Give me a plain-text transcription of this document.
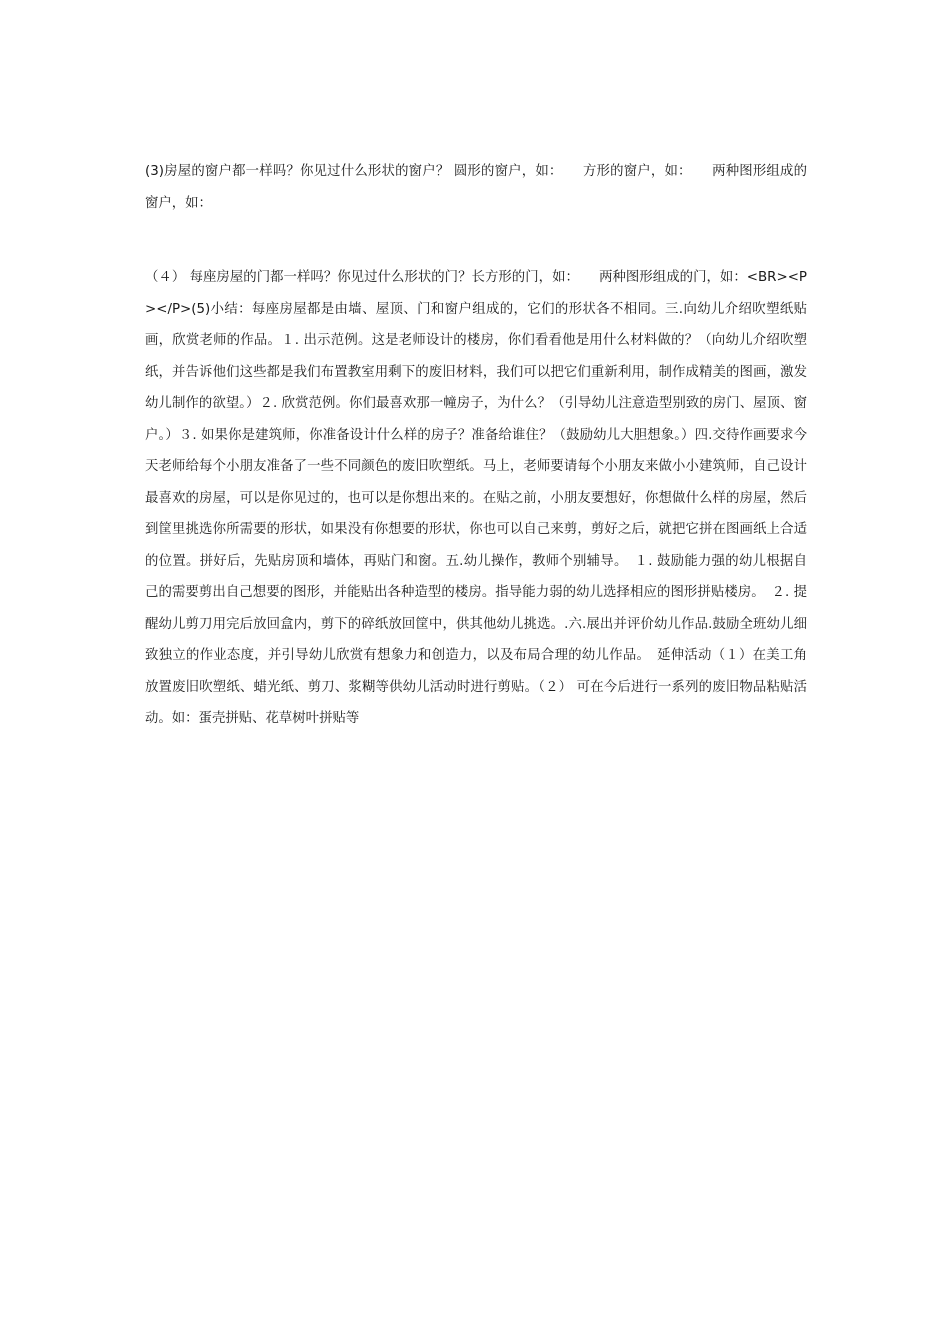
(3)房屋的窗户都一样吗？你见过什么形状的窗户？ 圆形的窗户，如：　　方形的窗户，如：　　两种图形组成的窗户，如：

（４） 每座房屋的门都一样吗？你见过什么形状的门？长方形的门，如：　　两种图形组成的门，如：<BR><P></P>(5)小结：每座房屋都是由墙、屋顶、门和窗户组成的，它们的形状各不相同。三.向幼儿介绍吹塑纸贴画，欣赏老师的作品。１. 出示范例。这是老师设计的楼房，你们看看他是用什么材料做的？（向幼儿介绍吹塑纸，并告诉他们这些都是我们布置教室用剩下的废旧材料，我们可以把它们重新利用，制作成精美的图画，激发幼儿制作的欲望。）２. 欣赏范例。你们最喜欢那一幢房子，为什么？（引导幼儿注意造型别致的房门、屋顶、窗户。）３. 如果你是建筑师，你准备设计什么样的房子？准备给谁住？（鼓励幼儿大胆想象。）四.交待作画要求今天老师给每个小朋友准备了一些不同颜色的废旧吹塑纸。马上，老师要请每个小朋友来做小小建筑师，自己设计最喜欢的房屋，可以是你见过的，也可以是你想出来的。在贴之前，小朋友要想好，你想做什么样的房屋，然后到筐里挑选你所需要的形状，如果没有你想要的形状，你也可以自己来剪，剪好之后，就把它拼在图画纸上合适的位置。拼好后，先贴房顶和墙体，再贴门和窗。五.幼儿操作，教师个别辅导。　１. 鼓励能力强的幼儿根据自己的需要剪出自己想要的图形，并能贴出各种造型的楼房。指导能力弱的幼儿选择相应的图形拼贴楼房。　２. 提醒幼儿剪刀用完后放回盒内，剪下的碎纸放回筐中，供其他幼儿挑选。.六.展出并评价幼儿作品.鼓励全班幼儿细致独立的作业态度，并引导幼儿欣赏有想象力和创造力，以及布局合理的幼儿作品。　延伸活动（１）在美工角放置废旧吹塑纸、蜡光纸、剪刀、浆糊等供幼儿活动时进行剪贴。（２） 可在今后进行一系列的废旧物品粘贴活动。如：蛋壳拼贴、花草树叶拼贴等
